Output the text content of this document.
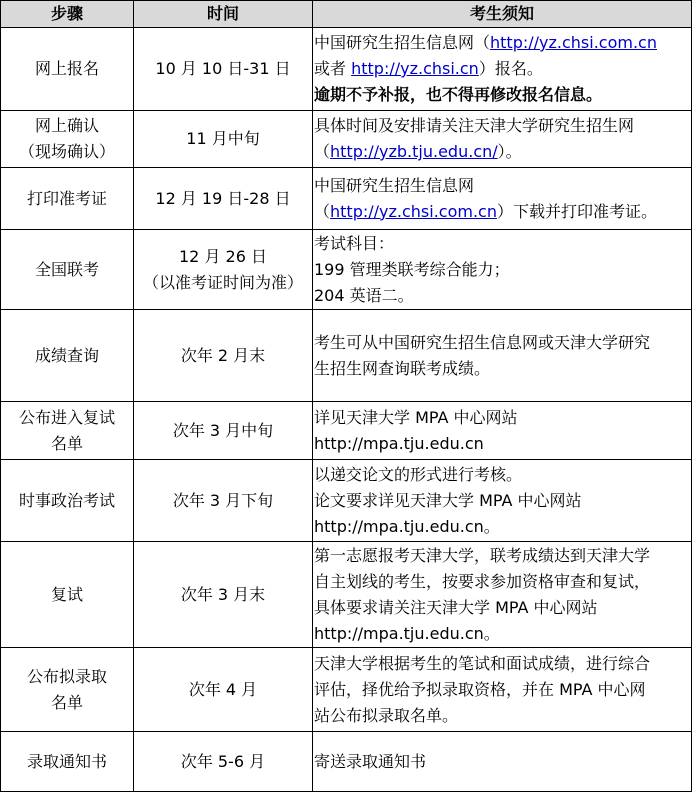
步骤	时间	考生须知

网上报名	10 月 10 日-31 日	中国研究生招生信息网（http://yz.chsi.com.cn
或者 http://yz.chsi.cn）报名。
逾期不予补报，也不得再修改报名信息。

网上确认
（现场确认）	11 月中旬	具体时间及安排请关注天津大学研究生招生网
（http://yzb.tju.edu.cn/）。

打印准考证	12 月 19 日-28 日	中国研究生招生信息网
（http://yz.chsi.com.cn）下载并打印准考证。

全国联考	12 月 26 日
（以准考证时间为准）	考试科目：
199 管理类联考综合能力；
204 英语二。

成绩查询	次年 2 月末	考生可从中国研究生招生信息网或天津大学研究
生招生网查询联考成绩。

公布进入复试
名单	次年 3 月中旬	详见天津大学 MPA 中心网站
http://mpa.tju.edu.cn

时事政治考试	次年 3 月下旬	以递交论文的形式进行考核。
论文要求详见天津大学 MPA 中心网站
http://mpa.tju.edu.cn。

复试	次年 3 月末	第一志愿报考天津大学，联考成绩达到天津大学
自主划线的考生，按要求参加资格审查和复试，
具体要求请关注天津大学 MPA 中心网站
http://mpa.tju.edu.cn。

公布拟录取
名单	次年 4 月	天津大学根据考生的笔试和面试成绩，进行综合
评估，择优给予拟录取资格，并在 MPA 中心网
站公布拟录取名单。

录取通知书	次年 5-6 月	寄送录取通知书
